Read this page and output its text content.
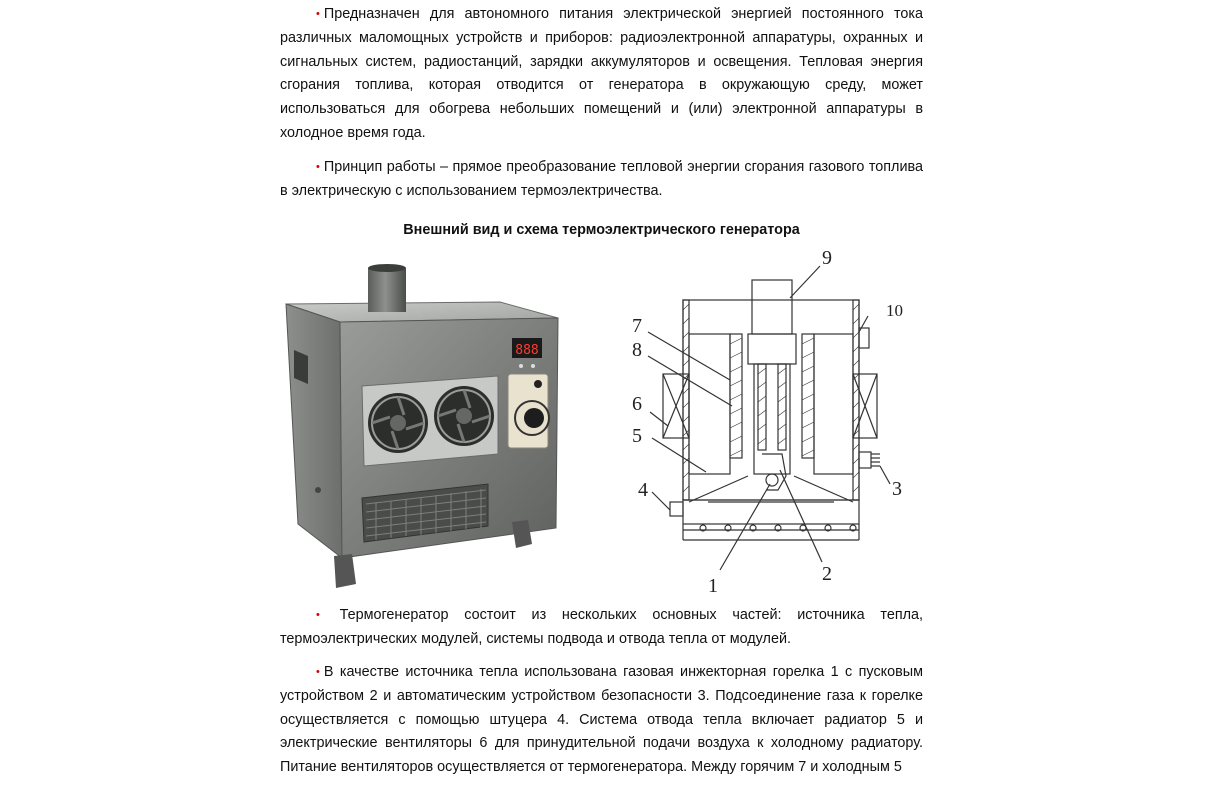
• Предназначен для автономного питания электрической энергией постоянного тока различных маломощных устройств и приборов: радиоэлектронной аппаратуры, охранных и сигнальных систем, радиостанций, зарядки аккумуляторов и освещения. Тепловая энергия сгорания топлива, которая отводится от генератора в окружающую среду, может использоваться для обогрева небольших помещений и (или) электронной аппаратуры в холодное время года.

• Принцип работы – прямое преобразование тепловой энергии сгорания газового топлива в электрическую с использованием термоэлектричества.

Внешний вид и схема термоэлектрического генератора

888
9
10
7
8
6
5
4	3
2
1

• Термогенератор состоит из нескольких основных частей: источника тепла, термоэлектрических модулей, системы подвода и отвода тепла от модулей.

• В качестве источника тепла использована газовая инжекторная горелка 1 с пусковым устройством 2 и автоматическим устройством безопасности 3. Подсоединение газа к горелке осуществляется с помощью штуцера 4. Система отвода тепла включает радиатор 5 и электрические вентиляторы 6 для принудительной подачи воздуха к холодному радиатору. Питание вентиляторов осуществляется от термогенератора. Между горячим 7 и холодным 5
